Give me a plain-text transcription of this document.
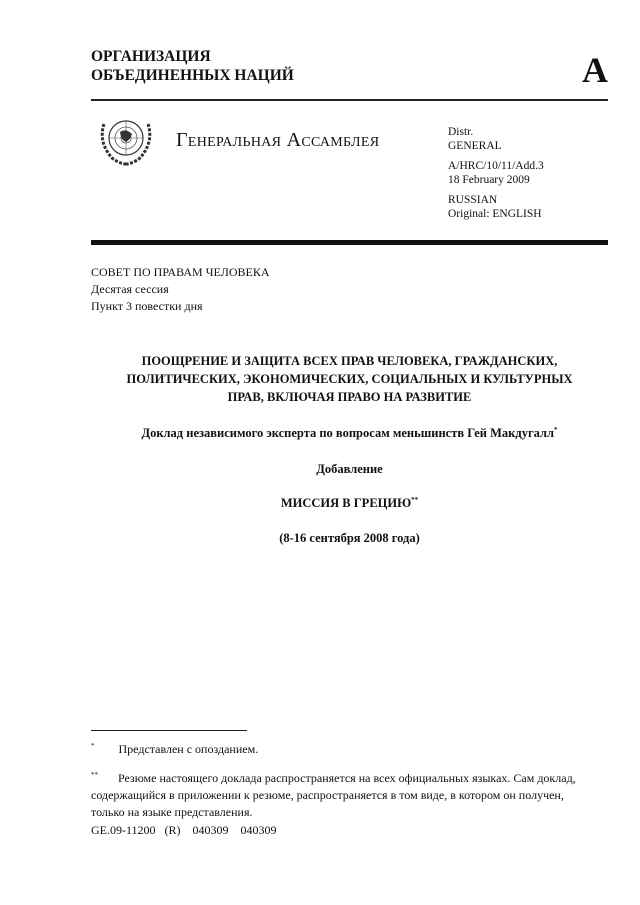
ОРГАНИЗАЦИЯ
ОБЪЕДИНЕННЫХ НАЦИЙ	A
Генеральная Ассамблея	Distr.
GENERAL

A/HRC/10/11/Add.3
18 February 2009

RUSSIAN
Original: ENGLISH

СОВЕТ ПО ПРАВАМ ЧЕЛОВЕКА
Десятая сессия
Пункт 3 повестки дня
ПООЩРЕНИЕ И ЗАЩИТА ВСЕХ ПРАВ ЧЕЛОВЕКА, ГРАЖДАНСКИХ,
ПОЛИТИЧЕСКИХ, ЭКОНОМИЧЕСКИХ, СОЦИАЛЬНЫХ И КУЛЬТУРНЫХ
ПРАВ, ВКЛЮЧАЯ ПРАВО НА РАЗВИТИЕ
Доклад независимого эксперта по вопросам меньшинств Гей Макдугалл*
Добавление
МИССИЯ В ГРЕЦИЮ**
(8-16 сентября 2008 года)
* Представлен с опозданием.
** Резюме настоящего доклада распространяется на всех официальных языках. Сам доклад, содержащийся в приложении к резюме, распространяется в том виде, в котором он получен, только на языке представления.
GE.09-11200   (R)    040309    040309
